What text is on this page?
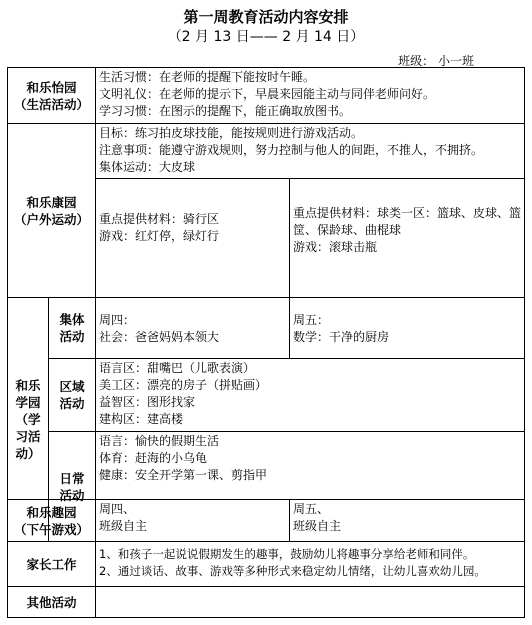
第一周教育活动内容安排
（2 月 13 日—— 2 月 14 日）
班级： 小一班
和乐怡园
（生活活动）
生活习惯：在老师的提醒下能按时午睡。
文明礼仪：在老师的提示下，早晨来园能主动与同伴老师问好。
学习习惯：在图示的提醒下，能正确取放图书。
和乐康园
（户外运动）
目标：练习拍皮球技能，能按规则进行游戏活动。
注意事项：能遵守游戏规则，努力控制与他人的间距，不推人，不拥挤。
集体运动：大皮球
重点提供材料：骑行区
游戏：红灯停，绿灯行
重点提供材料：球类一区：篮球、皮球、篮筐、保龄球、曲棍球
游戏：滚球击瓶
和乐
学园
（学
习活
动）
集体
活动
周四：
社会：爸爸妈妈本领大
周五：
数学：干净的厨房
区域
活动
语言区：甜嘴巴（儿歌表演）
美工区：漂亮的房子（拼贴画）
益智区：图形找家
建构区：建高楼
日常
活动
语言：愉快的假期生活
体育：赶海的小乌龟
健康：安全开学第一课、剪指甲
和乐趣园
（下午游戏）
周四、
班级自主
周五、
班级自主
家长工作
1、和孩子一起说说假期发生的趣事，鼓励幼儿将趣事分享给老师和同伴。
2、通过谈话、故事、游戏等多种形式来稳定幼儿情绪，让幼儿喜欢幼儿园。
其他活动
